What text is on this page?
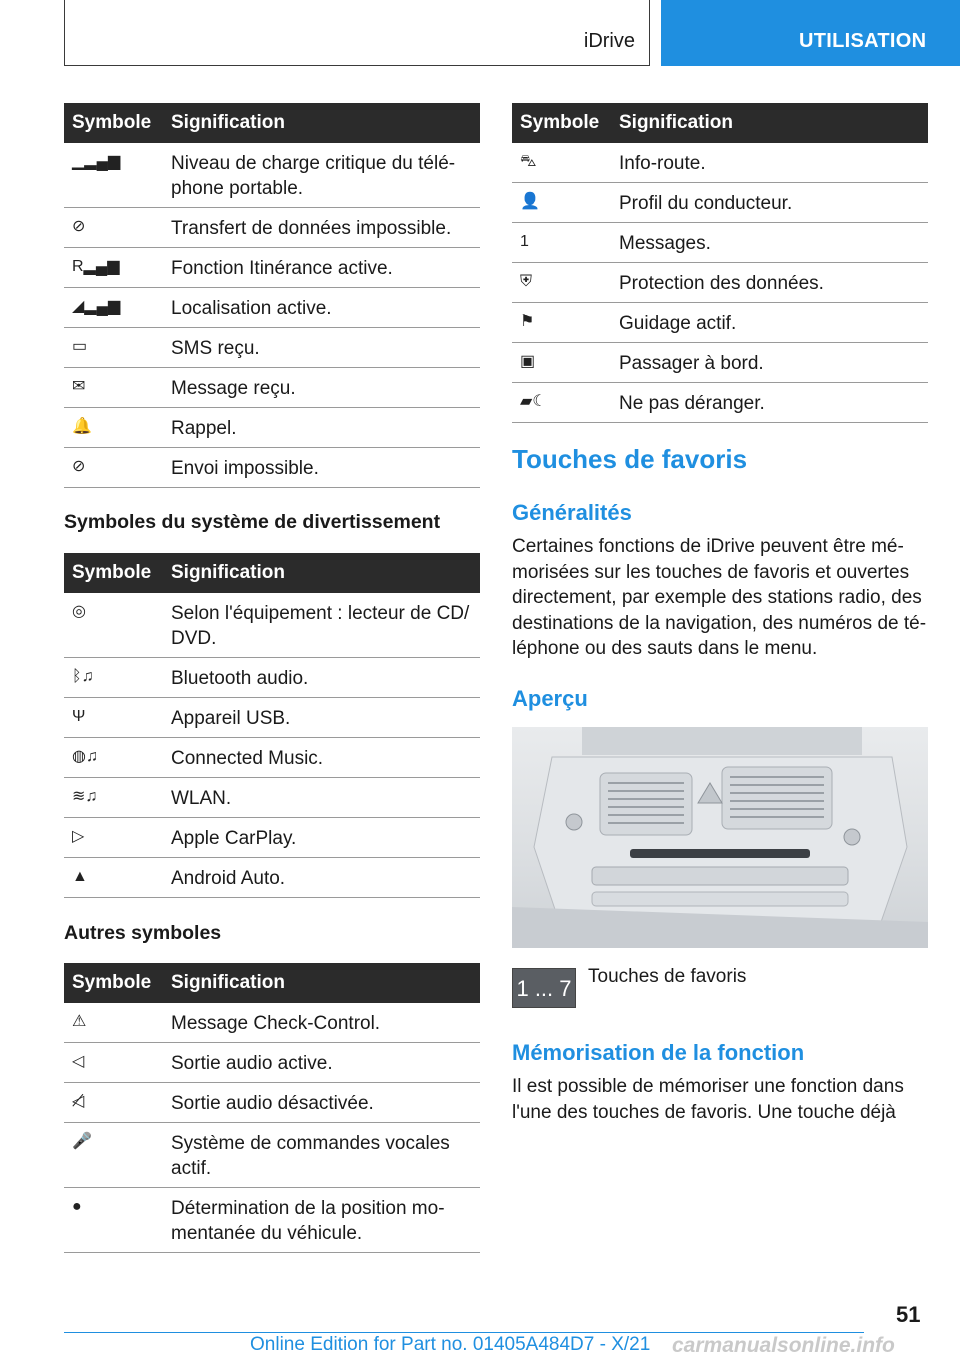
iDrive	UTILISATION
Symbole	Signification
▁▂▄▆	Niveau de charge critique du télé-phone portable.
⊘	Transfert de données impossible.
R▂▄▆	Fonction Itinérance active.
◢▂▄▆	Localisation active.
▭	SMS reçu.
✉	Message reçu.
🔔	Rappel.
⊘	Envoi impossible.
Symboles du système de divertissement
Symbole	Signification
◎	Selon l'équipement : lecteur de CD/ DVD.
ᛒ♫	Bluetooth audio.
Ψ	Appareil USB.
◍♫	Connected Music.
≋♫	WLAN.
▷	Apple CarPlay.
▲	Android Auto.
Autres symboles
Symbole	Signification
⚠	Message Check-Control.
◁	Sortie audio active.
◁̸	Sortie audio désactivée.
🎤	Système de commandes vocales actif.
●	Détermination de la position mo-mentanée du véhicule.
Symbole	Signification
⛍	Info-route.
👤	Profil du conducteur.
1	Messages.
⛨	Protection des données.
⚑	Guidage actif.
▣	Passager à bord.
▰☾	Ne pas déranger.
Touches de favoris
Généralités
Certaines fonctions de iDrive peuvent être mé-morisées sur les touches de favoris et ouvertes directement, par exemple des stations radio, des destinations de la navigation, des numéros de té-léphone ou des sauts dans le menu.
Aperçu
1 ... 7 Touches de favoris
Mémorisation de la fonction
Il est possible de mémoriser une fonction dans l'une des touches de favoris. Une touche déjà
51
Online Edition for Part no. 01405A484D7 - X/21 carmanualsonline.info
